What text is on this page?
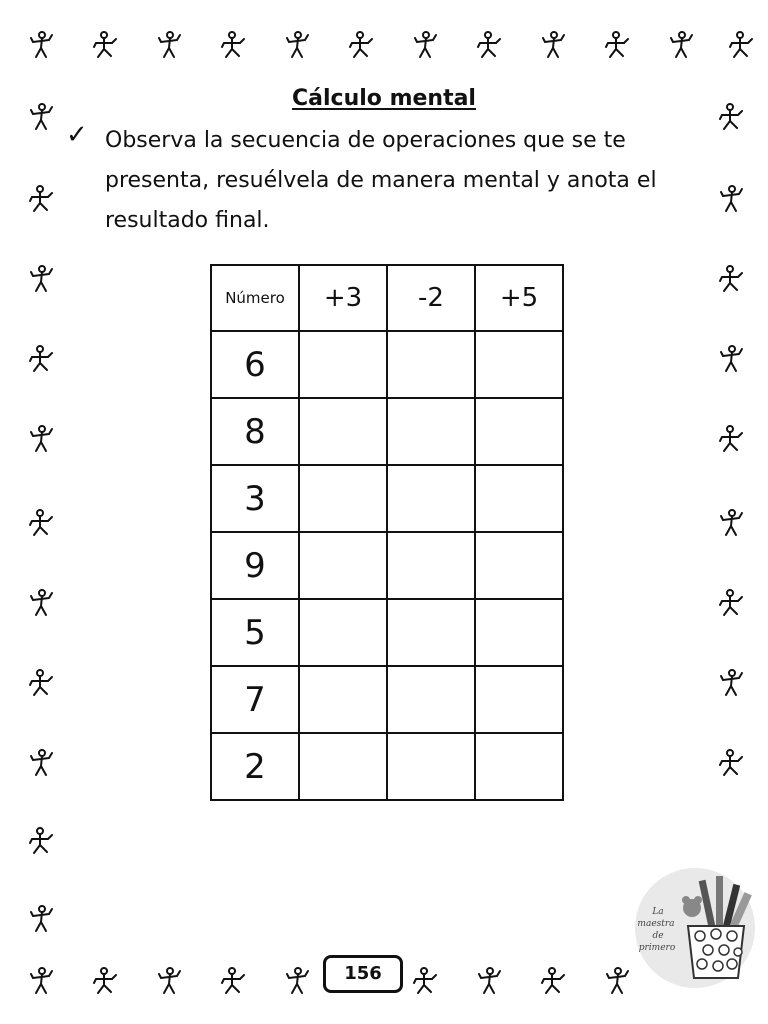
Cálculo mental
✓ Observa la secuencia de operaciones que se te presenta, resuélvela de manera mental y anota el resultado final.

Número	+3	-2	+5
6			
8			
3			
9			
5			
7			
2			
156
La
maestra
de
primero
